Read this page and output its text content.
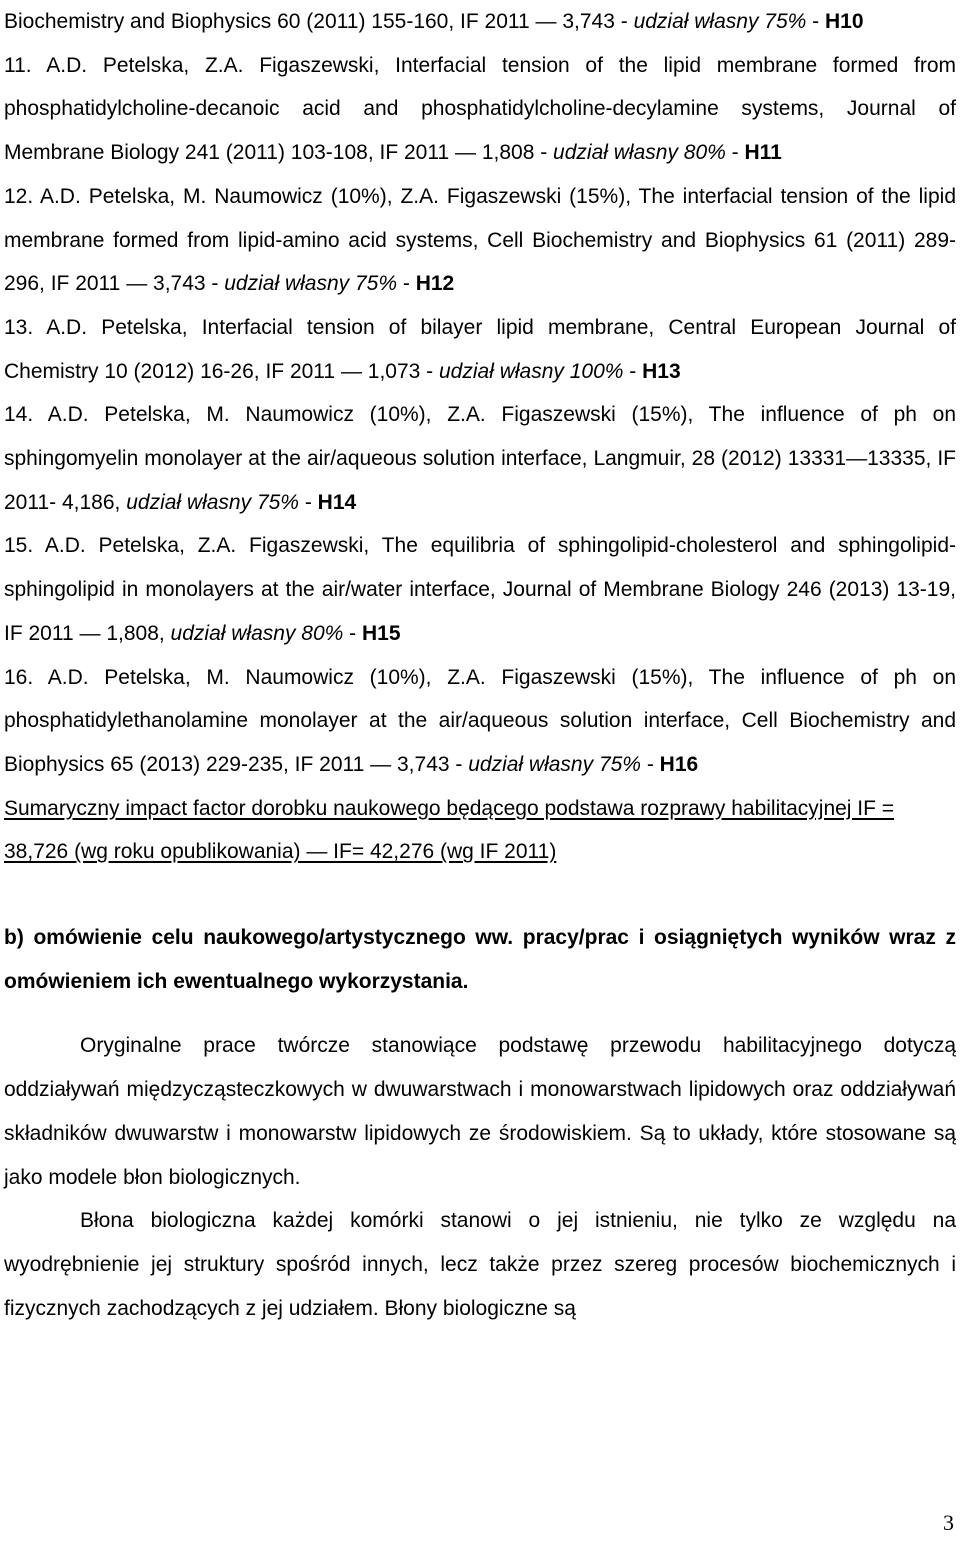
Biochemistry and Biophysics 60 (2011) 155-160, IF 2011 — 3,743 - udział własny 75% - H10

11. A.D. Petelska, Z.A. Figaszewski, Interfacial tension of the lipid membrane formed from phosphatidylcholine-decanoic acid and phosphatidylcholine-decylamine systems, Journal of Membrane Biology 241 (2011) 103-108, IF 2011 — 1,808 - udział własny 80% - H11

12. A.D. Petelska, M. Naumowicz (10%), Z.A. Figaszewski (15%), The interfacial tension of the lipid membrane formed from lipid-amino acid systems, Cell Biochemistry and Biophysics 61 (2011) 289-296, IF 2011 — 3,743 - udział własny 75% - H12

13. A.D. Petelska, Interfacial tension of bilayer lipid membrane, Central European Journal of Chemistry 10 (2012) 16-26, IF 2011 — 1,073 - udział własny 100% - H13

14. A.D. Petelska, M. Naumowicz (10%), Z.A. Figaszewski (15%), The influence of ph on sphingomyelin monolayer at the air/aqueous solution interface, Langmuir, 28 (2012) 13331—13335, IF 2011- 4,186, udział własny 75% - H14

15. A.D. Petelska, Z.A. Figaszewski, The equilibria of sphingolipid-cholesterol and sphingolipid-sphingolipid in monolayers at the air/water interface, Journal of Membrane Biology 246 (2013) 13-19, IF 2011 — 1,808, udział własny 80% - H15

16. A.D. Petelska, M. Naumowicz (10%), Z.A. Figaszewski (15%), The influence of ph on phosphatidylethanolamine monolayer at the air/aqueous solution interface, Cell Biochemistry and Biophysics 65 (2013) 229-235, IF 2011 — 3,743 - udział własny 75% - H16

Sumaryczny impact factor dorobku naukowego będącego podstawa rozprawy habilitacyjnej IF = 38,726 (wg roku opublikowania) — IF= 42,276 (wg IF 2011)

b) omówienie celu naukowego/artystycznego ww. pracy/prac i osiągniętych wyników wraz z omówieniem ich ewentualnego wykorzystania.

Oryginalne prace twórcze stanowiące podstawę przewodu habilitacyjnego dotyczą oddziaływań międzycząsteczkowych w dwuwarstwach i monowarstwach lipidowych oraz oddziaływań składników dwuwarstw i monowarstw lipidowych ze środowiskiem. Są to układy, które stosowane są jako modele błon biologicznych.

Błona biologiczna każdej komórki stanowi o jej istnieniu, nie tylko ze względu na wyodrębnienie jej struktury spośród innych, lecz także przez szereg procesów biochemicznych i fizycznych zachodzących z jej udziałem. Błony biologiczne są

3
